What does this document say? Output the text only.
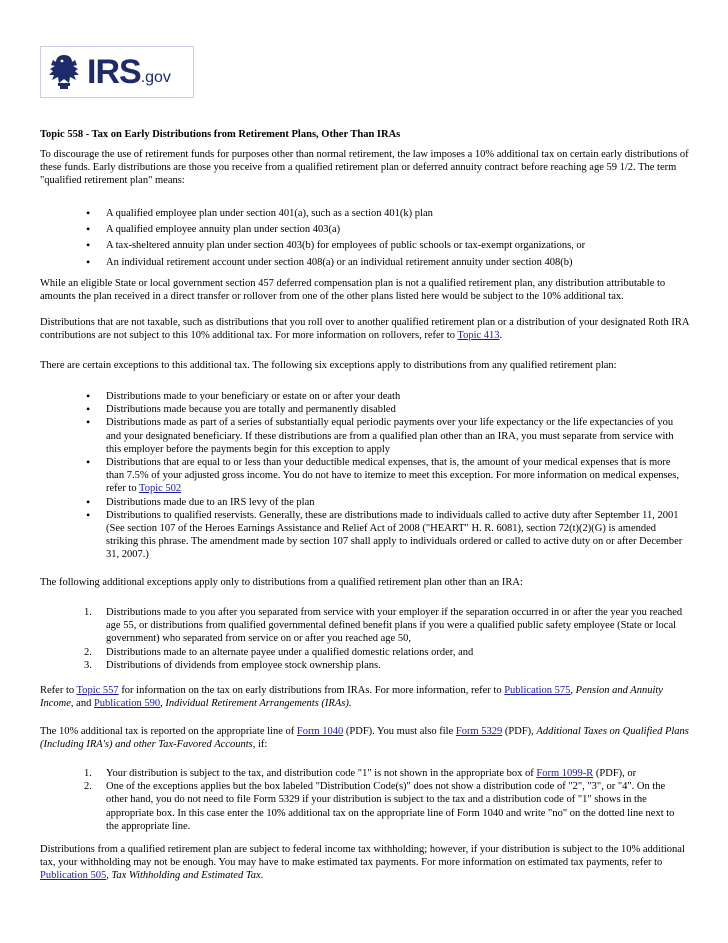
IRS .gov
Topic 558 - Tax on Early Distributions from Retirement Plans, Other Than IRAs

To discourage the use of retirement funds for purposes other than normal retirement, the law imposes a 10% additional tax on certain early distributions of these funds. Early distributions are those you receive from a qualified retirement plan or deferred annuity contract before reaching age 59 1/2. The term "qualified retirement plan" means:

• A qualified employee plan under section 401(a), such as a section 401(k) plan
• A qualified employee annuity plan under section 403(a)
• A tax-sheltered annuity plan under section 403(b) for employees of public schools or tax-exempt organizations, or
• An individual retirement account under section 408(a) or an individual retirement annuity under section 408(b)

While an eligible State or local government section 457 deferred compensation plan is not a qualified retirement plan, any distribution attributable to amounts the plan received in a direct transfer or rollover from one of the other plans listed here would be subject to the 10% additional tax.

Distributions that are not taxable, such as distributions that you roll over to another qualified retirement plan or a distribution of your designated Roth IRA contributions are not subject to this 10% additional tax. For more information on rollovers, refer to Topic 413.

There are certain exceptions to this additional tax. The following six exceptions apply to distributions from any qualified retirement plan:

• Distributions made to your beneficiary or estate on or after your death
• Distributions made because you are totally and permanently disabled
• Distributions made as part of a series of substantially equal periodic payments over your life expectancy or the life expectancies of you and your designated beneficiary. If these distributions are from a qualified plan other than an IRA, you must separate from service with this employer before the payments begin for this exception to apply
• Distributions that are equal to or less than your deductible medical expenses, that is, the amount of your medical expenses that is more than 7.5% of your adjusted gross income. You do not have to itemize to meet this exception. For more information on medical expenses, refer to Topic 502
• Distributions made due to an IRS levy of the plan
• Distributions to qualified reservists. Generally, these are distributions made to individuals called to active duty after September 11, 2001 (See section 107 of the Heroes Earnings Assistance and Relief Act of 2008 ("HEART" H. R. 6081), section 72(t)(2)(G) is amended striking this phrase. The amendment made by section 107 shall apply to individuals ordered or called to active duty on or after December 31, 2007.)

The following additional exceptions apply only to distributions from a qualified retirement plan other than an IRA:

1. Distributions made to you after you separated from service with your employer if the separation occurred in or after the year you reached age 55, or distributions from qualified governmental defined benefit plans if you were a qualified public safety employee (State or local government) who separated from service on or after you reached age 50,
2. Distributions made to an alternate payee under a qualified domestic relations order, and
3. Distributions of dividends from employee stock ownership plans.

Refer to Topic 557 for information on the tax on early distributions from IRAs. For more information, refer to Publication 575, Pension and Annuity Income, and Publication 590, Individual Retirement Arrangements (IRAs).

The 10% additional tax is reported on the appropriate line of Form 1040 (PDF). You must also file Form 5329 (PDF), Additional Taxes on Qualified Plans (Including IRA's) and other Tax-Favored Accounts, if:

1. Your distribution is subject to the tax, and distribution code "1" is not shown in the appropriate box of Form 1099-R (PDF), or
2. One of the exceptions applies but the box labeled "Distribution Code(s)" does not show a distribution code of "2", "3", or "4". On the other hand, you do not need to file Form 5329 if your distribution is subject to the tax and a distribution code of "1" shows in the appropriate box. In this case enter the 10% additional tax on the appropriate line of Form 1040 and write "no" on the dotted line next to the appropriate line.

Distributions from a qualified retirement plan are subject to federal income tax withholding; however, if your distribution is subject to the 10% additional tax, your withholding may not be enough. You may have to make estimated tax payments. For more information on estimated tax payments, refer to Publication 505, Tax Withholding and Estimated Tax.
